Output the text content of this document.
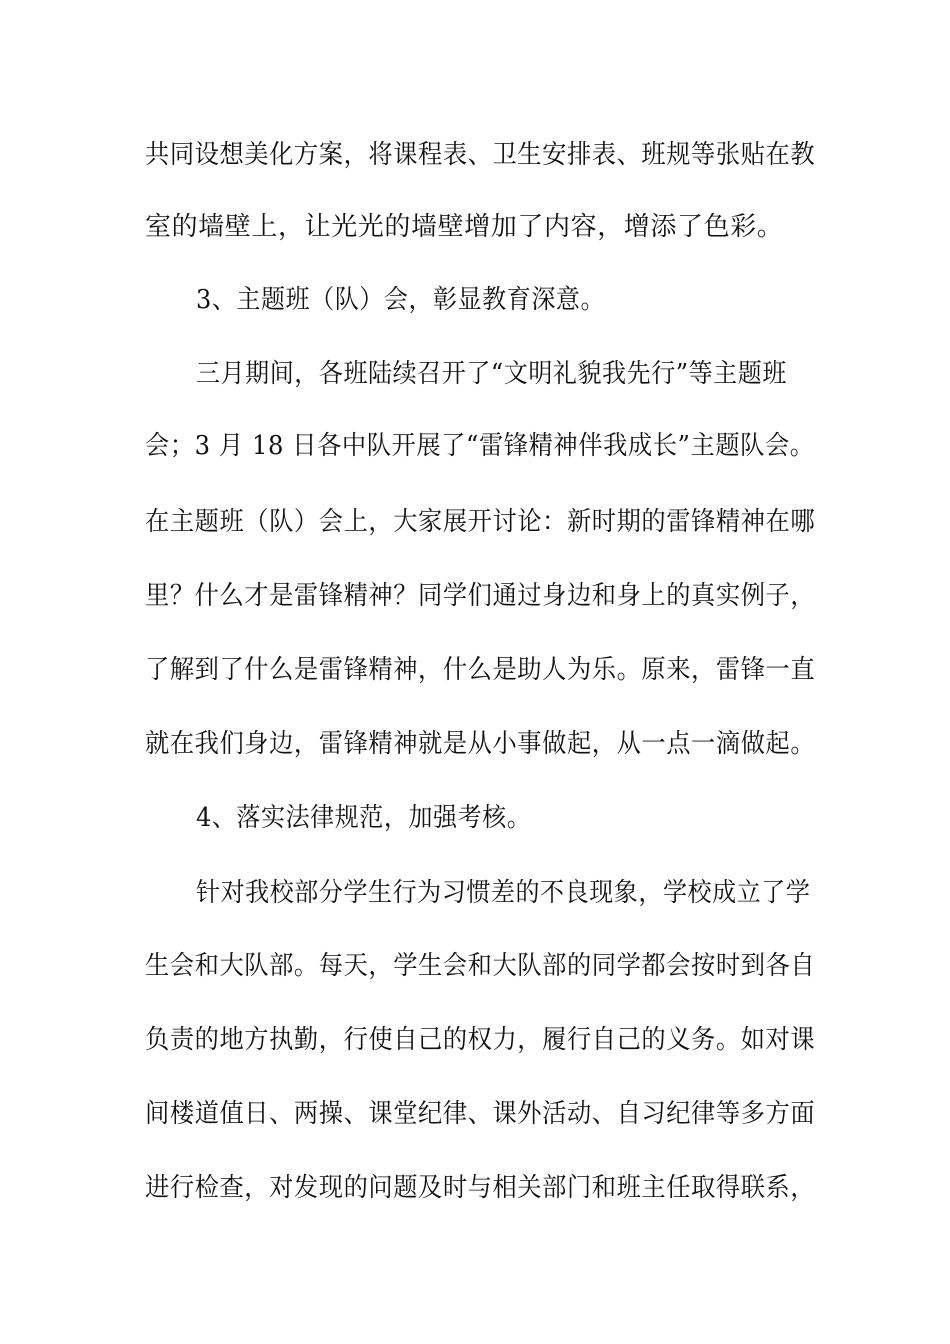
共同设想美化方案，将课程表、卫生安排表、班规等张贴在教
室的墙壁上，让光光的墙壁增加了内容，增添了色彩。
3、主题班（队）会，彰显教育深意。
三月期间，各班陆续召开了“文明礼貌我先行”等主题班
会；3 月 18 日各中队开展了“雷锋精神伴我成长”主题队会。
在主题班（队）会上，大家展开讨论：新时期的雷锋精神在哪
里？什么才是雷锋精神？同学们通过身边和身上的真实例子，
了解到了什么是雷锋精神，什么是助人为乐。原来，雷锋一直
就在我们身边，雷锋精神就是从小事做起，从一点一滴做起。
4、落实法律规范，加强考核。
针对我校部分学生行为习惯差的不良现象，学校成立了学
生会和大队部。每天，学生会和大队部的同学都会按时到各自
负责的地方执勤，行使自己的权力，履行自己的义务。如对课
间楼道值日、两操、课堂纪律、课外活动、自习纪律等多方面
进行检查，对发现的问题及时与相关部门和班主任取得联系，
